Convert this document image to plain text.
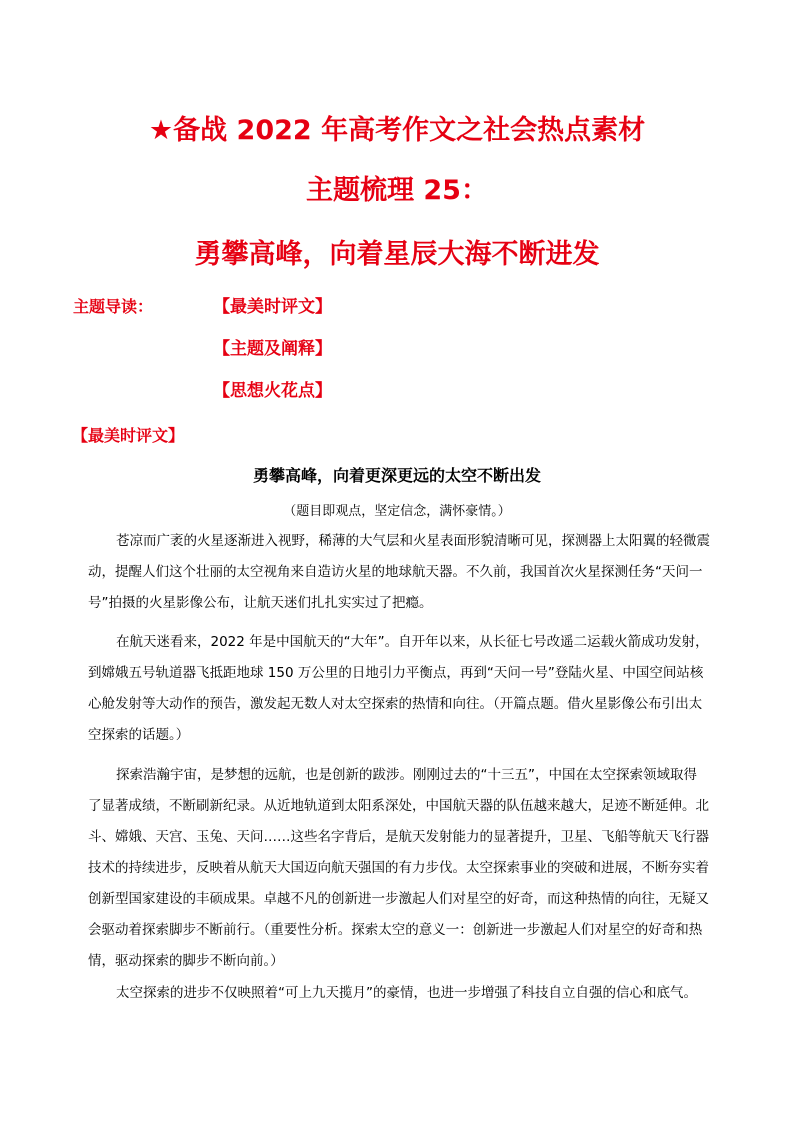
★备战 2022 年高考作文之社会热点素材
主题梳理 25：
勇攀高峰，向着星辰大海不断进发
主题导读：	【最美时评文】
【主题及阐释】
【思想火花点】
【最美时评文】
勇攀高峰，向着更深更远的太空不断出发
（题目即观点，坚定信念，满怀豪情。）
苍凉而广袤的火星逐渐进入视野，稀薄的大气层和火星表面形貌清晰可见，探测器上太阳翼的轻微震
动，提醒人们这个壮丽的太空视角来自造访火星的地球航天器。不久前，我国首次火星探测任务“天问一
号”拍摄的火星影像公布，让航天迷们扎扎实实过了把瘾。
在航天迷看来，2022 年是中国航天的“大年”。自开年以来，从长征七号改遥二运载火箭成功发射，
到嫦娥五号轨道器飞抵距地球 150 万公里的日地引力平衡点，再到“天问一号”登陆火星、中国空间站核
心舱发射等大动作的预告，激发起无数人对太空探索的热情和向往。（开篇点题。借火星影像公布引出太
空探索的话题。）
探索浩瀚宇宙，是梦想的远航，也是创新的跋涉。刚刚过去的“十三五”，中国在太空探索领域取得
了显著成绩，不断刷新纪录。从近地轨道到太阳系深处，中国航天器的队伍越来越大，足迹不断延伸。北
斗、嫦娥、天宫、玉兔、天问……这些名字背后，是航天发射能力的显著提升，卫星、飞船等航天飞行器
技术的持续进步，反映着从航天大国迈向航天强国的有力步伐。太空探索事业的突破和进展，不断夯实着
创新型国家建设的丰硕成果。卓越不凡的创新进一步激起人们对星空的好奇，而这种热情的向往，无疑又
会驱动着探索脚步不断前行。（重要性分析。探索太空的意义一：创新进一步激起人们对星空的好奇和热
情，驱动探索的脚步不断向前。）
太空探索的进步不仅映照着“可上九天揽月”的豪情，也进一步增强了科技自立自强的信心和底气。
